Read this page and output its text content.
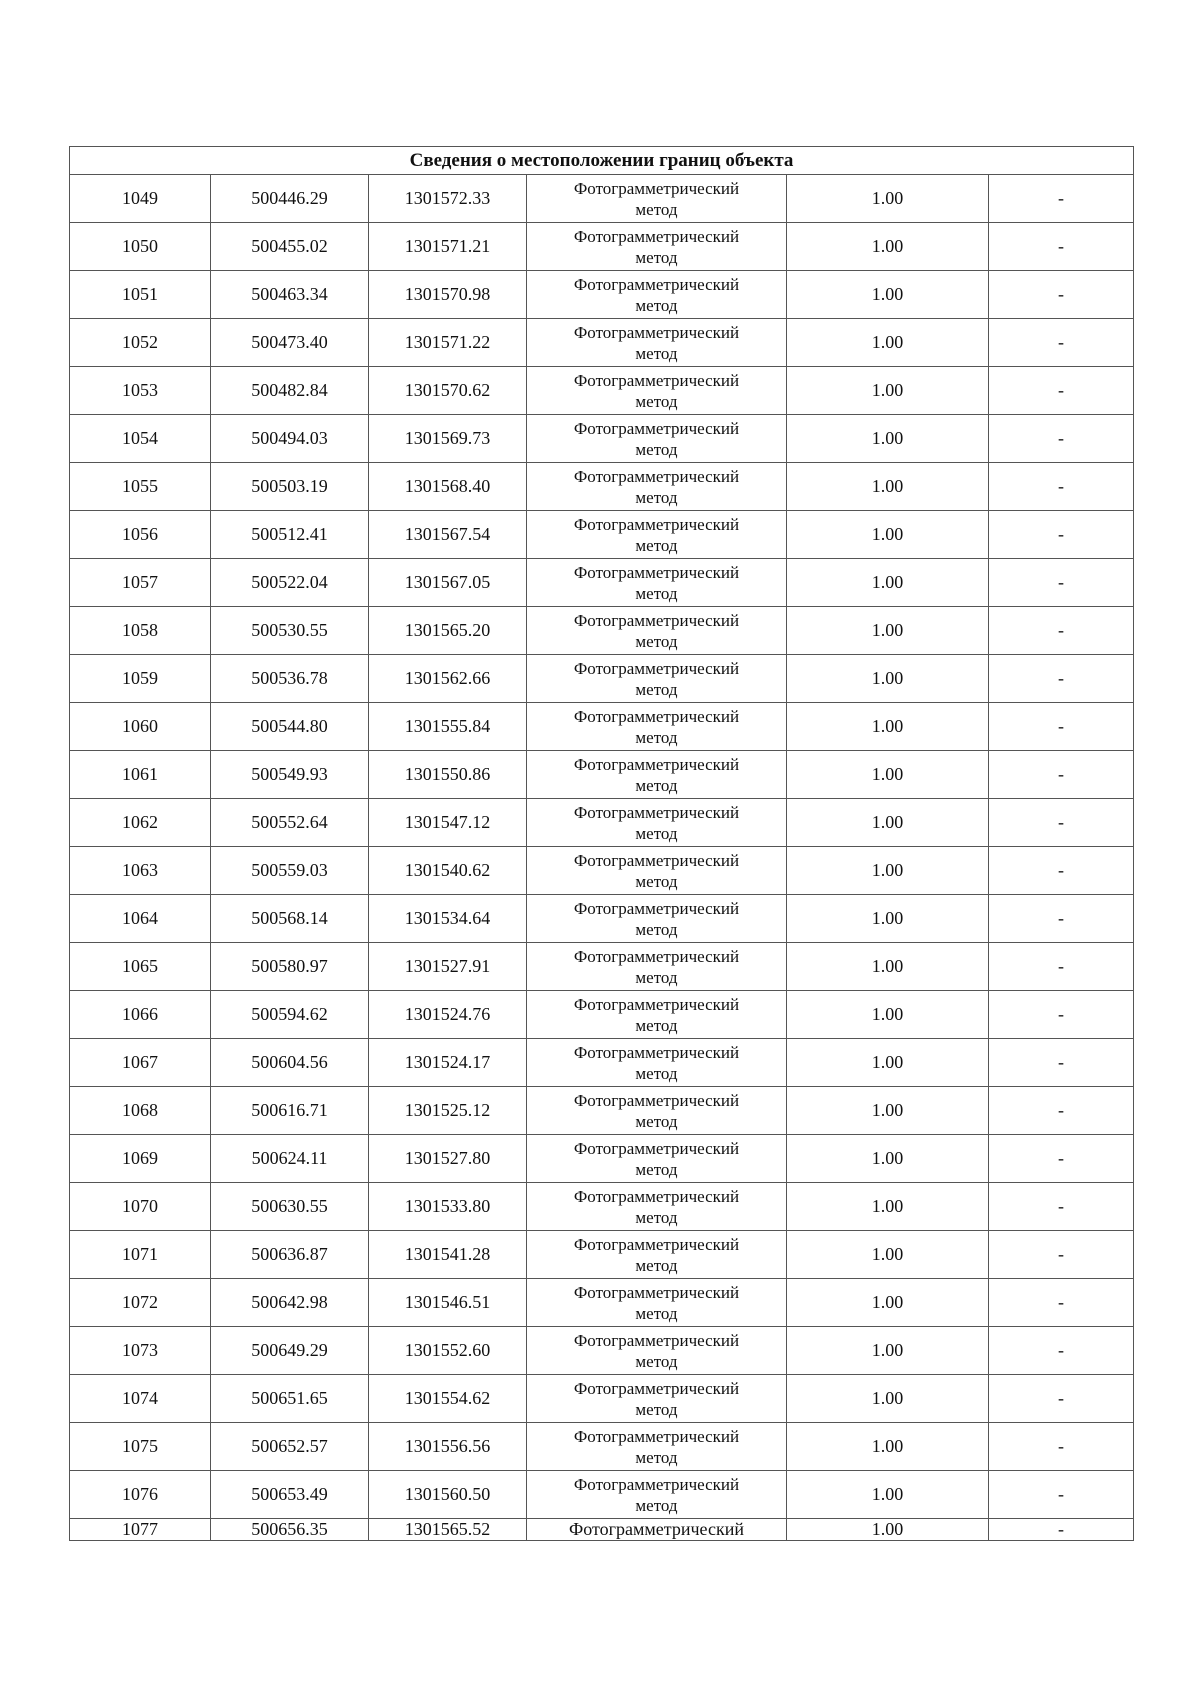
Сведения о местоположении границ объекта					
1049	500446.29	1301572.33	Фотограмметрический
метод	1.00	-
1050	500455.02	1301571.21	Фотограмметрический
метод	1.00	-
1051	500463.34	1301570.98	Фотограмметрический
метод	1.00	-
1052	500473.40	1301571.22	Фотограмметрический
метод	1.00	-
1053	500482.84	1301570.62	Фотограмметрический
метод	1.00	-
1054	500494.03	1301569.73	Фотограмметрический
метод	1.00	-
1055	500503.19	1301568.40	Фотограмметрический
метод	1.00	-
1056	500512.41	1301567.54	Фотограмметрический
метод	1.00	-
1057	500522.04	1301567.05	Фотограмметрический
метод	1.00	-
1058	500530.55	1301565.20	Фотограмметрический
метод	1.00	-
1059	500536.78	1301562.66	Фотограмметрический
метод	1.00	-
1060	500544.80	1301555.84	Фотограмметрический
метод	1.00	-
1061	500549.93	1301550.86	Фотограмметрический
метод	1.00	-
1062	500552.64	1301547.12	Фотограмметрический
метод	1.00	-
1063	500559.03	1301540.62	Фотограмметрический
метод	1.00	-
1064	500568.14	1301534.64	Фотограмметрический
метод	1.00	-
1065	500580.97	1301527.91	Фотограмметрический
метод	1.00	-
1066	500594.62	1301524.76	Фотограмметрический
метод	1.00	-
1067	500604.56	1301524.17	Фотограмметрический
метод	1.00	-
1068	500616.71	1301525.12	Фотограмметрический
метод	1.00	-
1069	500624.11	1301527.80	Фотограмметрический
метод	1.00	-
1070	500630.55	1301533.80	Фотограмметрический
метод	1.00	-
1071	500636.87	1301541.28	Фотограмметрический
метод	1.00	-
1072	500642.98	1301546.51	Фотограмметрический
метод	1.00	-
1073	500649.29	1301552.60	Фотограмметрический
метод	1.00	-
1074	500651.65	1301554.62	Фотограмметрический
метод	1.00	-
1075	500652.57	1301556.56	Фотограмметрический
метод	1.00	-
1076	500653.49	1301560.50	Фотограмметрический
метод	1.00	-
1077	500656.35	1301565.52	Фотограмметрический	1.00	-
